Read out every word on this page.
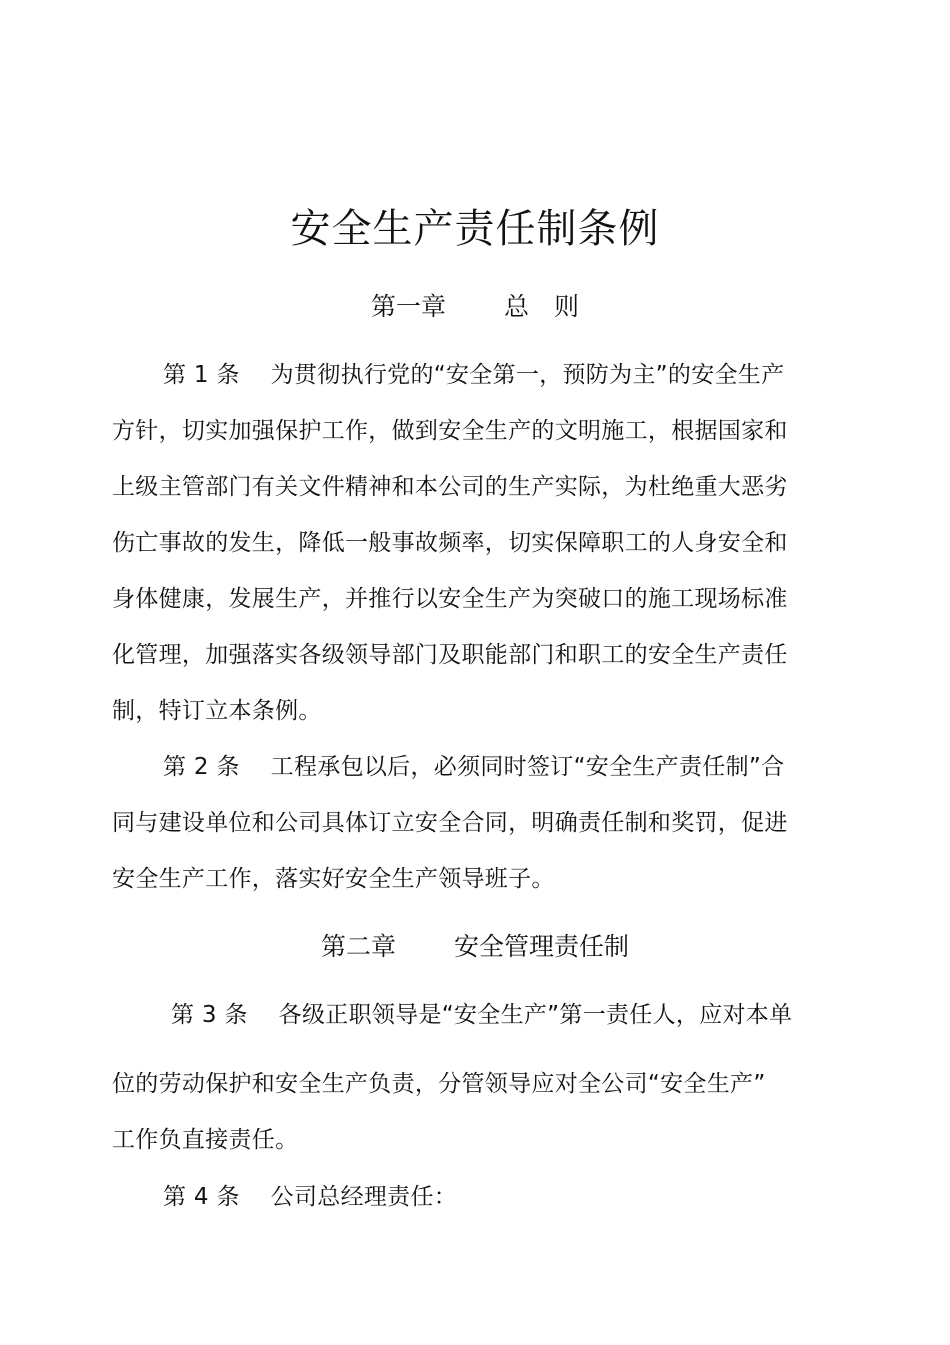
安全生产责任制条例
第一章　　 总　则
第 1 条　 为贯彻执行党的“安全第一，预防为主”的安全生产
方针，切实加强保护工作，做到安全生产的文明施工，根据国家和
上级主管部门有关文件精神和本公司的生产实际，为杜绝重大恶劣
伤亡事故的发生，降低一般事故频率，切实保障职工的人身安全和
身体健康，发展生产，并推行以安全生产为突破口的施工现场标准
化管理，加强落实各级领导部门及职能部门和职工的安全生产责任
制，特订立本条例。
第 2 条　 工程承包以后，必须同时签订“安全生产责任制”合
同与建设单位和公司具体订立安全合同，明确责任制和奖罚，促进
安全生产工作，落实好安全生产领导班子。
第二章　　 安全管理责任制
第 3 条　 各级正职领导是“安全生产”第一责任人，应对本单
位的劳动保护和安全生产负责，分管领导应对全公司“安全生产”
工作负直接责任。
第 4 条　 公司总经理责任：
